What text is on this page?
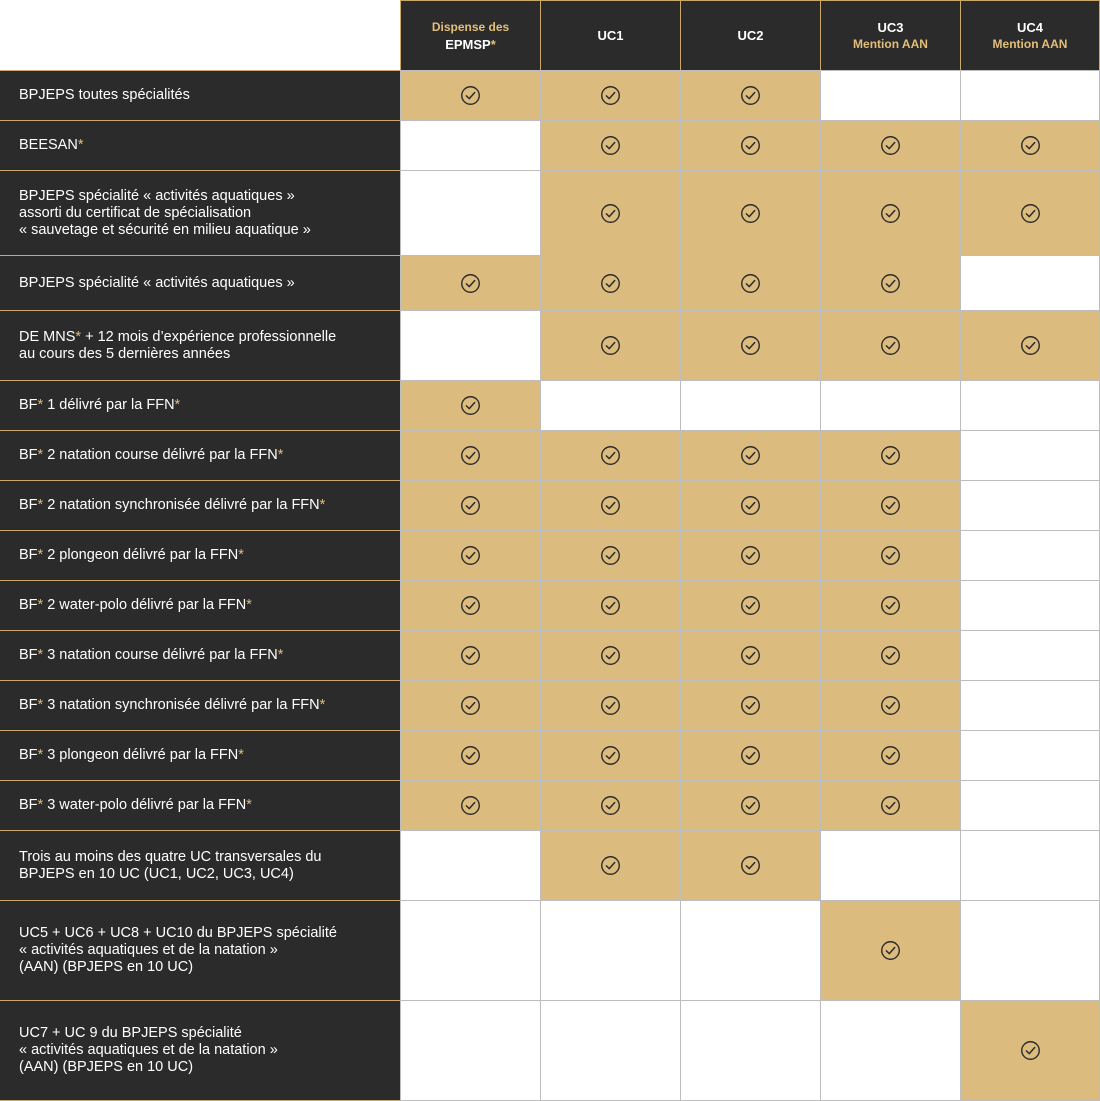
Dispense des
EPMSP*
UC1	UC2
UC3
Mention AAN
UC4
Mention AAN
BPJEPS toutes spécialités
BEESAN*
BPJEPS spécialité « activités aquatiques »
assorti du certificat de spécialisation
« sauvetage et sécurité en milieu aquatique »
BPJEPS spécialité « activités aquatiques »
DE MNS* + 12 mois d’expérience professionnelle
au cours des 5 dernières années
BF* 1 délivré par la FFN*
BF* 2 natation course délivré par la FFN*
BF* 2 natation synchronisée délivré par la FFN*
BF* 2 plongeon délivré par la FFN*
BF* 2 water-polo délivré par la FFN*
BF* 3 natation course délivré par la FFN*
BF* 3 natation synchronisée délivré par la FFN*
BF* 3 plongeon délivré par la FFN*
BF* 3 water-polo délivré par la FFN*
Trois au moins des quatre UC transversales du
BPJEPS en 10 UC (UC1, UC2, UC3, UC4)
UC5 + UC6 + UC8 + UC10 du BPJEPS spécialité
« activités aquatiques et de la natation »
(AAN) (BPJEPS en 10 UC)
UC7 + UC 9 du BPJEPS spécialité
« activités aquatiques et de la natation »
(AAN) (BPJEPS en 10 UC)
